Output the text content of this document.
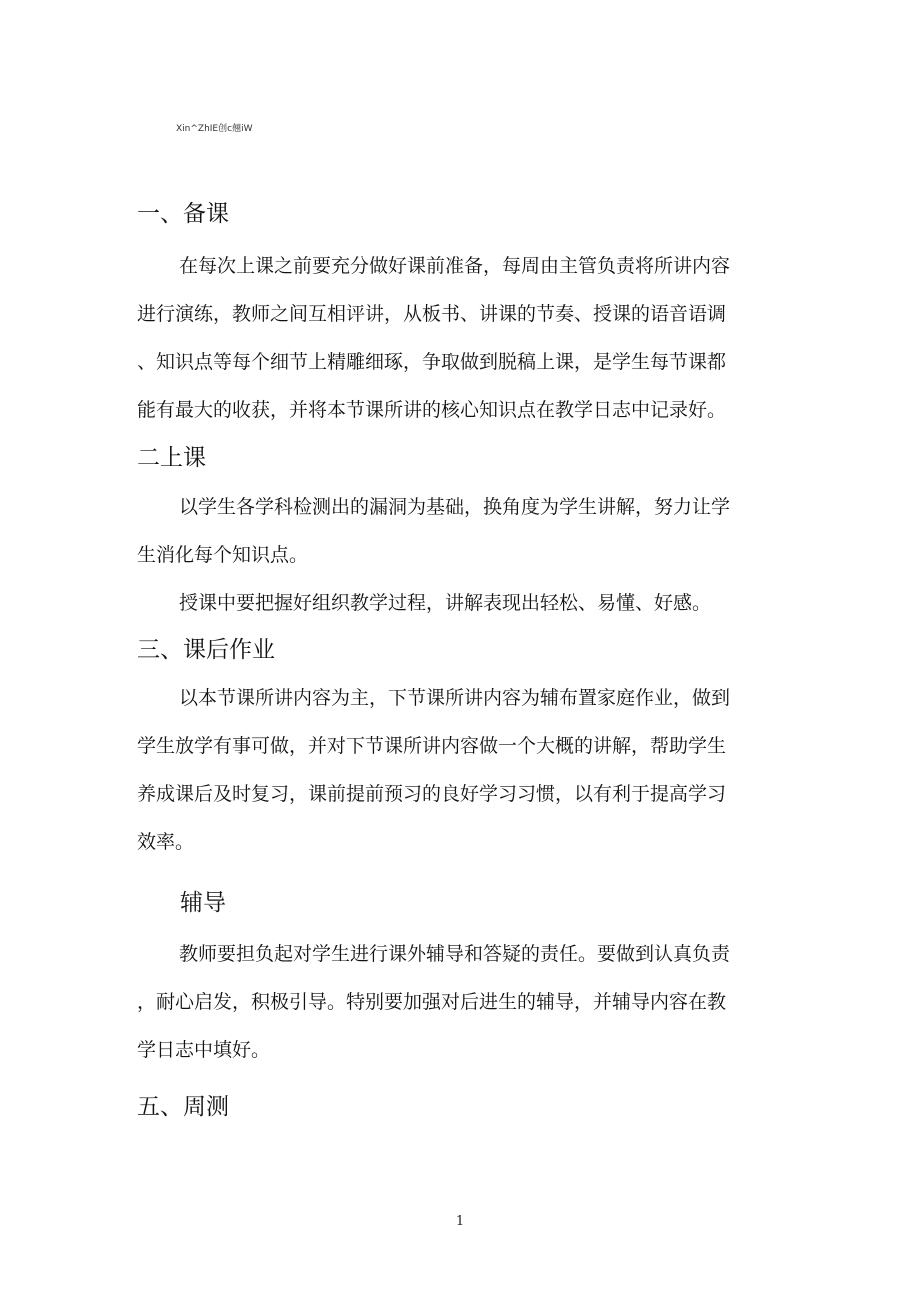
Xin^ZhIE创c翹iW
一、备课
在每次上课之前要充分做好课前准备，每周由主管负责将所讲内容
进行演练，教师之间互相评讲，从板书、讲课的节奏、授课的语音语调
、知识点等每个细节上精雕细琢，争取做到脱稿上课，是学生每节课都
能有最大的收获，并将本节课所讲的核心知识点在教学日志中记录好。
二上课
以学生各学科检测出的漏洞为基础，换角度为学生讲解，努力让学
生消化每个知识点。
授课中要把握好组织教学过程，讲解表现出轻松、易懂、好感。
三、课后作业
以本节课所讲内容为主，下节课所讲内容为辅布置家庭作业，做到
学生放学有事可做，并对下节课所讲内容做一个大概的讲解，帮助学生
养成课后及时复习，课前提前预习的良好学习习惯，以有利于提高学习
效率。
辅导
教师要担负起对学生进行课外辅导和答疑的责任。要做到认真负责
，耐心启发，积极引导。特别要加强对后进生的辅导，并辅导内容在教
学日志中填好。
五、周测
1
